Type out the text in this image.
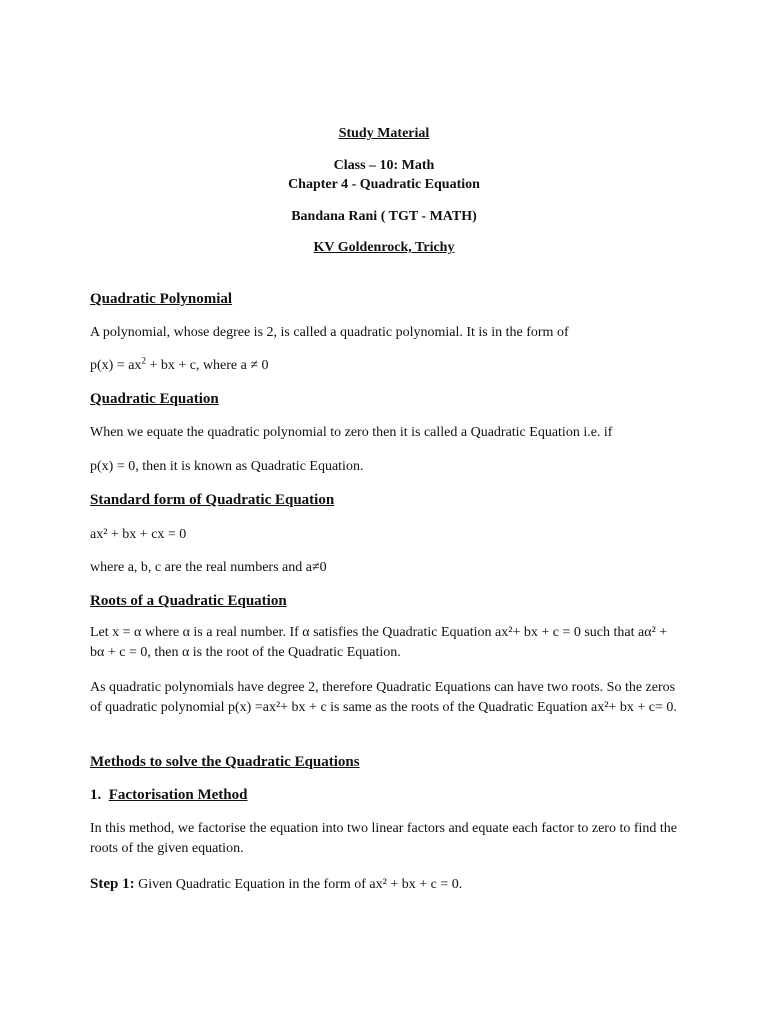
Study Material
Class – 10: Math
Chapter 4 - Quadratic Equation
Bandana Rani ( TGT - MATH)
KV Goldenrock, Trichy
Quadratic Polynomial
A polynomial, whose degree is 2, is called a quadratic polynomial. It is in the form of
$p(x) = ax^2$ + bx + c, where a ≠ 0
Quadratic Equation
When we equate the quadratic polynomial to zero then it is called a Quadratic Equation i.e. if
p(x) = 0, then it is known as Quadratic Equation.
Standard form of Quadratic Equation
ax² + bx + cx = 0
where a, b, c are the real numbers and a≠0
Roots of a Quadratic Equation
Let x = α where α is a real number. If α satisfies the Quadratic Equation ax²+ bx + c = 0 such that aα² + bα + c = 0, then α is the root of the Quadratic Equation.
As quadratic polynomials have degree 2, therefore Quadratic Equations can have two roots. So the zeros of quadratic polynomial p(x) =ax²+ bx + c is same as the roots of the Quadratic Equation ax²+ bx + c= 0.
Methods to solve the Quadratic Equations
1. Factorisation Method
In this method, we factorise the equation into two linear factors and equate each factor to zero to find the roots of the given equation.
Step 1: Given Quadratic Equation in the form of ax² + bx + c = 0.
